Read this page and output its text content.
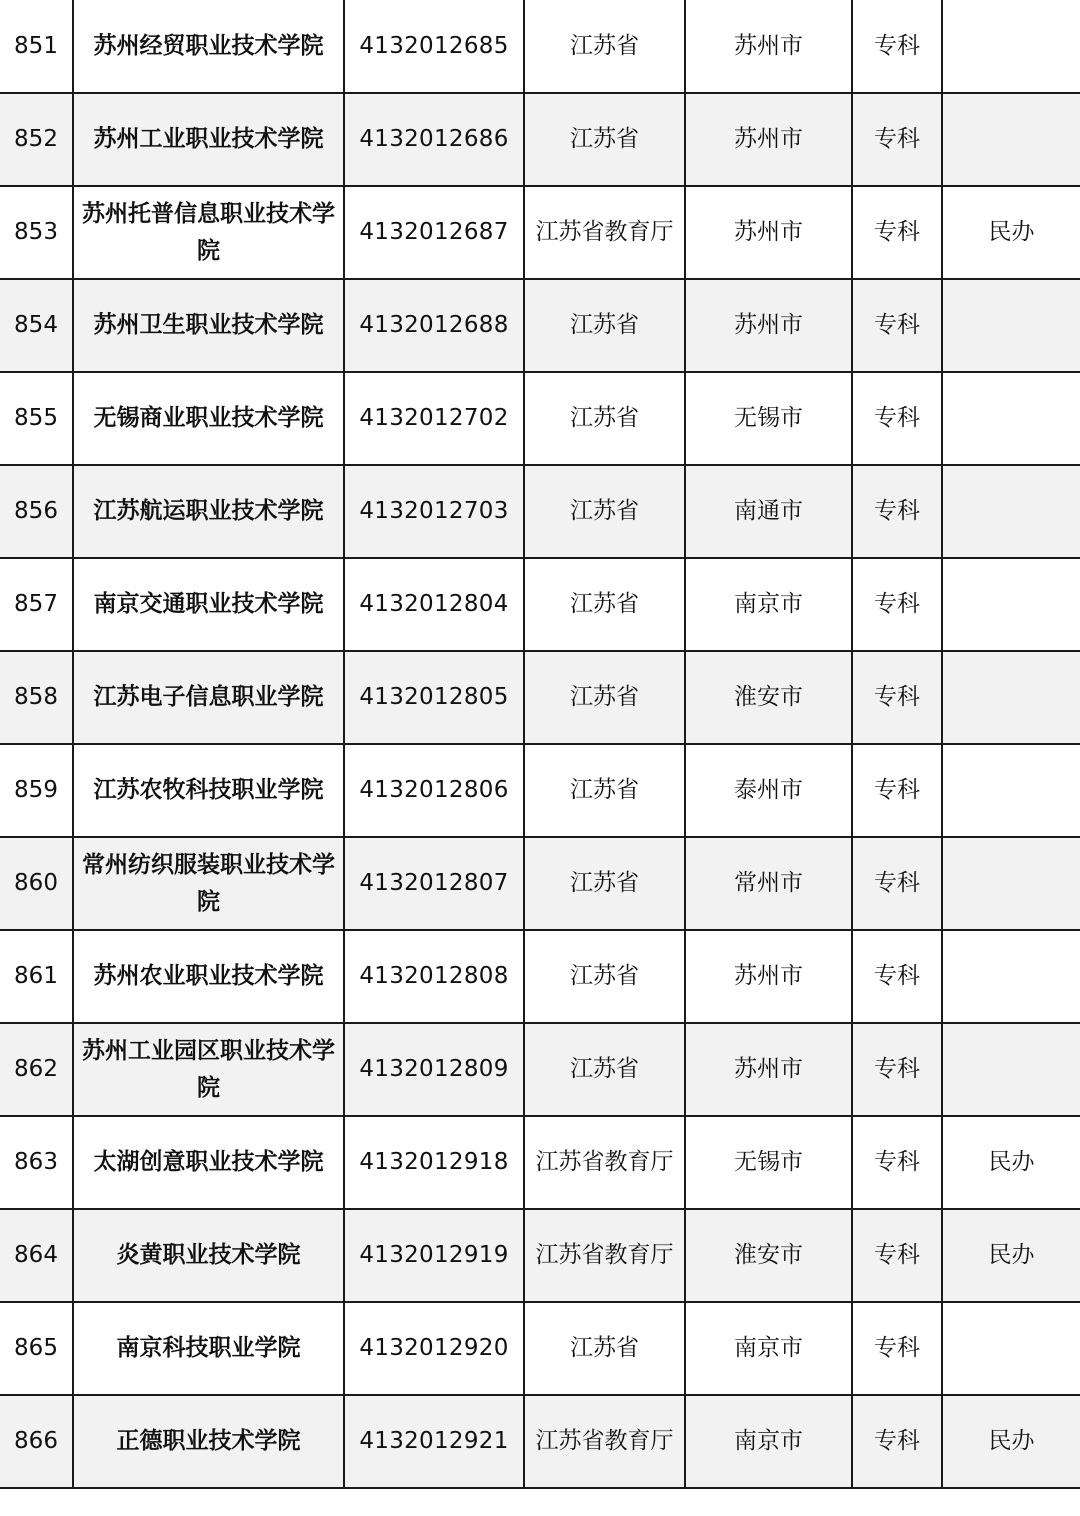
851	苏州经贸职业技术学院	4132012685	江苏省	苏州市	专科	
852	苏州工业职业技术学院	4132012686	江苏省	苏州市	专科	
853	苏州托普信息职业技术学院	4132012687	江苏省教育厅	苏州市	专科	民办
854	苏州卫生职业技术学院	4132012688	江苏省	苏州市	专科	
855	无锡商业职业技术学院	4132012702	江苏省	无锡市	专科	
856	江苏航运职业技术学院	4132012703	江苏省	南通市	专科	
857	南京交通职业技术学院	4132012804	江苏省	南京市	专科	
858	江苏电子信息职业学院	4132012805	江苏省	淮安市	专科	
859	江苏农牧科技职业学院	4132012806	江苏省	泰州市	专科	
860	常州纺织服装职业技术学院	4132012807	江苏省	常州市	专科	
861	苏州农业职业技术学院	4132012808	江苏省	苏州市	专科	
862	苏州工业园区职业技术学院	4132012809	江苏省	苏州市	专科	
863	太湖创意职业技术学院	4132012918	江苏省教育厅	无锡市	专科	民办
864	炎黄职业技术学院	4132012919	江苏省教育厅	淮安市	专科	民办
865	南京科技职业学院	4132012920	江苏省	南京市	专科	
866	正德职业技术学院	4132012921	江苏省教育厅	南京市	专科	民办
